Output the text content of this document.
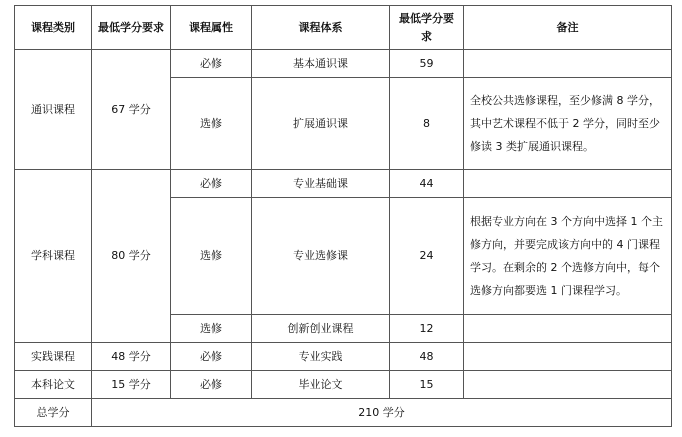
课程类别	最低学分要求	课程属性	课程体系	最低学分要求	备注
通识课程	67 学分	必修	基本通识课	59	
		选修	扩展通识课	8	全校公共选修课程，至少修满 8 学分，其中艺术课程不低于 2 学分，同时至少修读 3 类扩展通识课程。
学科课程	80 学分	必修	专业基础课	44	
		选修	专业选修课	24	根据专业方向在 3 个方向中选择 1 个主修方向，并要完成该方向中的 4 门课程学习。在剩余的 2 个选修方向中，每个选修方向都要选 1 门课程学习。
		选修	创新创业课程	12	
实践课程	48 学分	必修	专业实践	48	
本科论文	15 学分	必修	毕业论文	15	
总学分	210 学分				
